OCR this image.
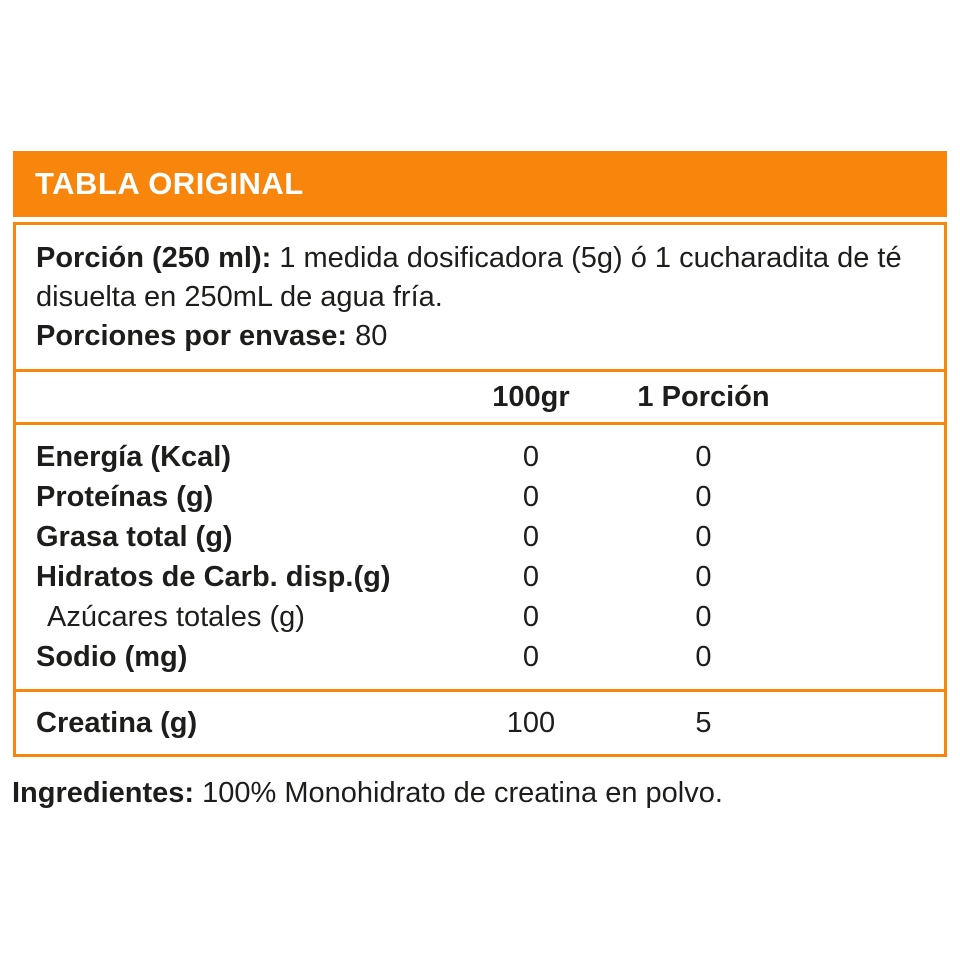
TABLA ORIGINAL

Porción (250 ml): 1 medida dosificadora (5g) ó 1 cucharadita de té disuelta en 250mL de agua fría.

Porciones por envase: 80

100gr	1 Porción
Energía (Kcal)	0	0
Proteínas (g)	0	0
Grasa total (g)	0	0
Hidratos de Carb. disp.(g)	0	0
Azúcares totales (g)	0	0
Sodio (mg)	0	0
Creatina (g)	100	5

Ingredientes: 100% Monohidrato de creatina en polvo.
